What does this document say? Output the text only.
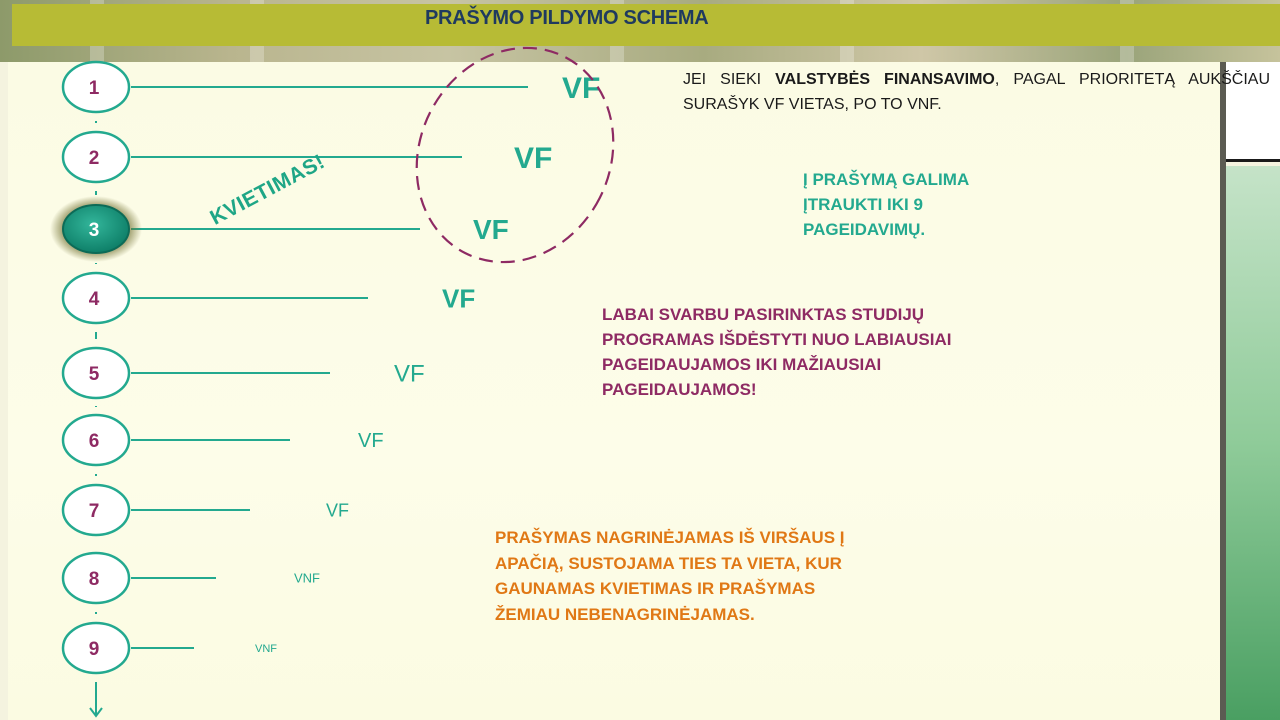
PRAŠYMO PILDYMO SCHEMA
1	VF
2	VF
3	VF
4	VF
5	VF
6	VF
7	VF
8	VNF
9	VNF
KVIETIMAS!
JEI SIEKI VALSTYBĖS FINANSAVIMO, PAGAL PRIORITETĄ AUKŠČIAU SURAŠYK VF VIETAS, PO TO VNF.
Į PRAŠYMĄ GALIMA ĮTRAUKTI IKI 9 PAGEIDAVIMŲ.
LABAI SVARBU PASIRINKTAS STUDIJŲ PROGRAMAS IŠDĖSTYTI NUO LABIAUSIAI PAGEIDAUJAMOS IKI MAŽIAUSIAI PAGEIDAUJAMOS!
PRAŠYMAS NAGRINĖJAMAS IŠ VIRŠAUS Į APAČIĄ, SUSTOJAMA TIES TA VIETA, KUR GAUNAMAS KVIETIMAS IR PRAŠYMAS ŽEMIAU NEBENAGRINĖJAMAS.
